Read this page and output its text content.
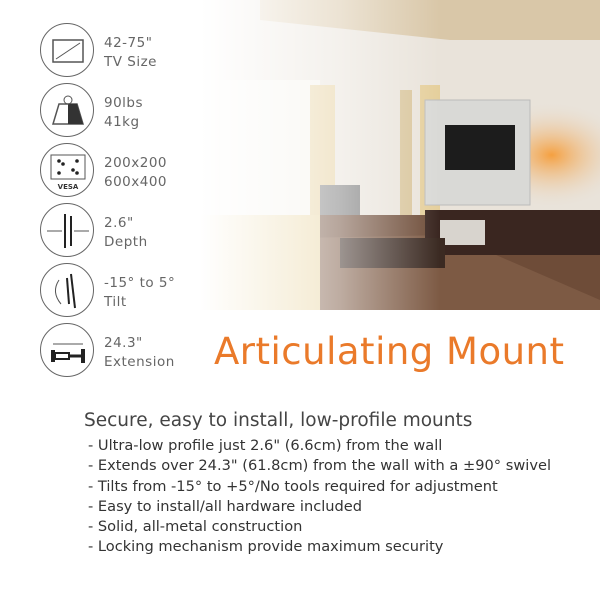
42-75"
TV Size
90lbs
41kg
VESA
200x200
600x400
2.6"
Depth
-15° to 5°
Tilt
24.3"
Extension Articulating Mount
Secure, easy to install, low-profile mounts
- Ultra-low profile just 2.6" (6.6cm) from the wall
- Extends over 24.3" (61.8cm) from the wall with a ±90° swivel
- Tilts from -15° to +5°/No tools required for adjustment
- Easy to install/all hardware included
- Solid, all-metal construction
- Locking mechanism provide maximum security
